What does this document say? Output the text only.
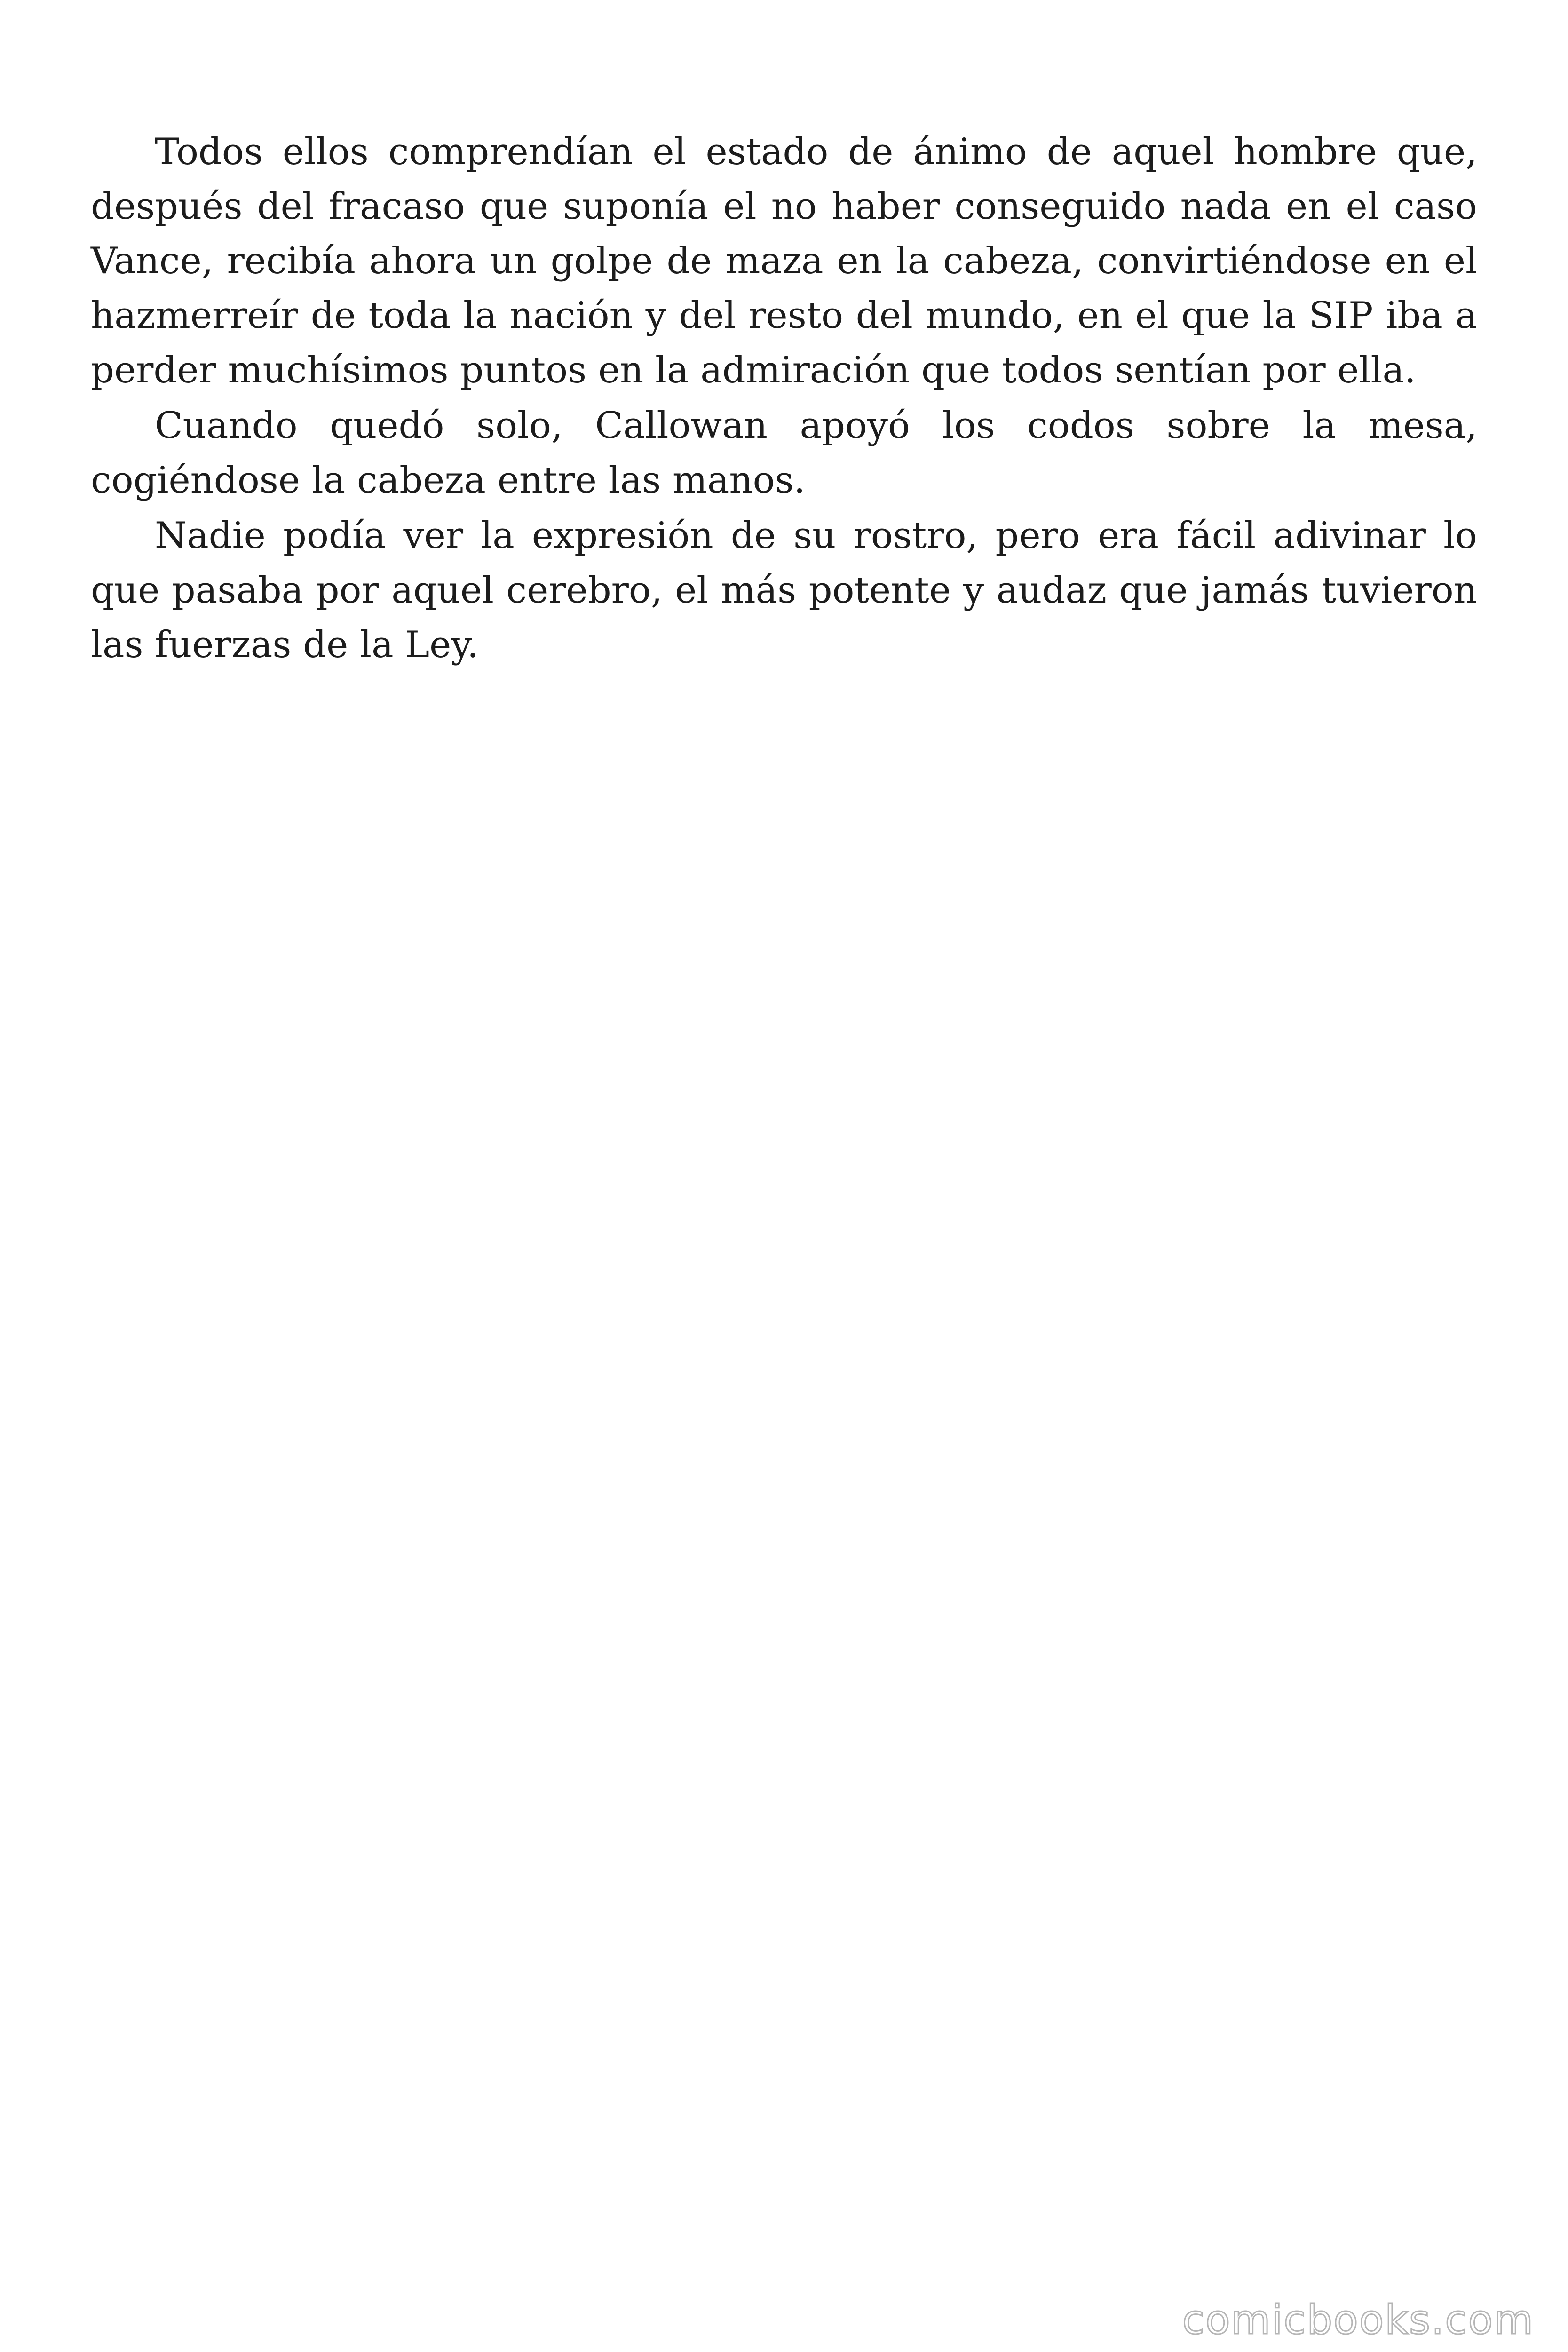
Todos ellos comprendían el estado de ánimo de aquel hombre que, después del fracaso que suponía el no haber conseguido nada en el caso Vance, recibía ahora un golpe de maza en la cabeza, convirtiéndose en el hazmerreír de toda la nación y del resto del mundo, en el que la SIP iba a perder muchísimos puntos en la admiración que todos sentían por ella.

Cuando quedó solo, Callowan apoyó los codos sobre la mesa, cogiéndose la cabeza entre las manos.

Nadie podía ver la expresión de su rostro, pero era fácil adivinar lo que pasaba por aquel cerebro, el más potente y audaz que jamás tuvieron las fuerzas de la Ley.

comicbooks.com
